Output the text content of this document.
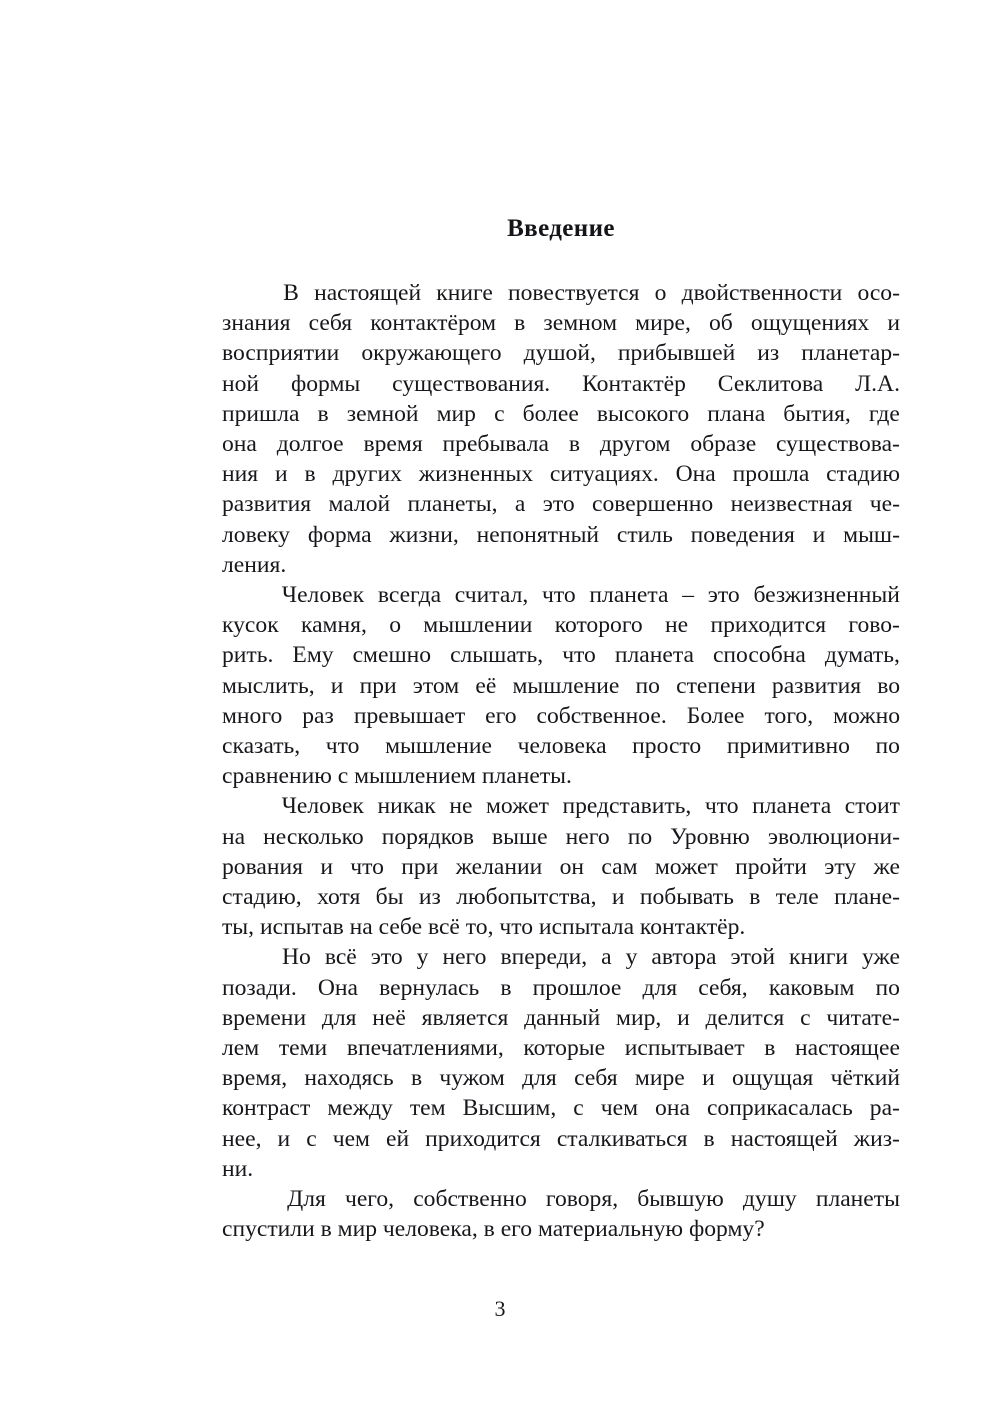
Введение
В настоящей книге повествуется о двойственности осо-
знания себя контактёром в земном мире, об ощущениях и
восприятии окружающего душой, прибывшей из планетар-
ной формы существования. Контактёр Секлитова Л.А.
пришла в земной мир с более высокого плана бытия, где
она долгое время пребывала в другом образе существова-
ния и в других жизненных ситуациях. Она прошла стадию
развития малой планеты, а это совершенно неизвестная че-
ловеку форма жизни, непонятный стиль поведения и мыш-
ления.
Человек всегда считал, что планета – это безжизненный
кусок камня, о мышлении которого не приходится гово-
рить. Ему смешно слышать, что планета способна думать,
мыслить, и при этом её мышление по степени развития во
много раз превышает его собственное. Более того, можно
сказать, что мышление человека просто примитивно по
сравнению с мышлением планеты.
Человек никак не может представить, что планета стоит
на несколько порядков выше него по Уровню эволюциони-
рования и что при желании он сам может пройти эту же
стадию, хотя бы из любопытства, и побывать в теле плане-
ты, испытав на себе всё то, что испытала контактёр.
Но всё это у него впереди, а у автора этой книги уже
позади. Она вернулась в прошлое для себя, каковым по
времени для неё является данный мир, и делится с читате-
лем теми впечатлениями, которые испытывает в настоящее
время, находясь в чужом для себя мире и ощущая чёткий
контраст между тем Высшим, с чем она соприкасалась ра-
нее, и с чем ей приходится сталкиваться в настоящей жиз-
ни.
Для чего, собственно говоря, бывшую душу планеты
спустили в мир человека, в его материальную форму?
3
